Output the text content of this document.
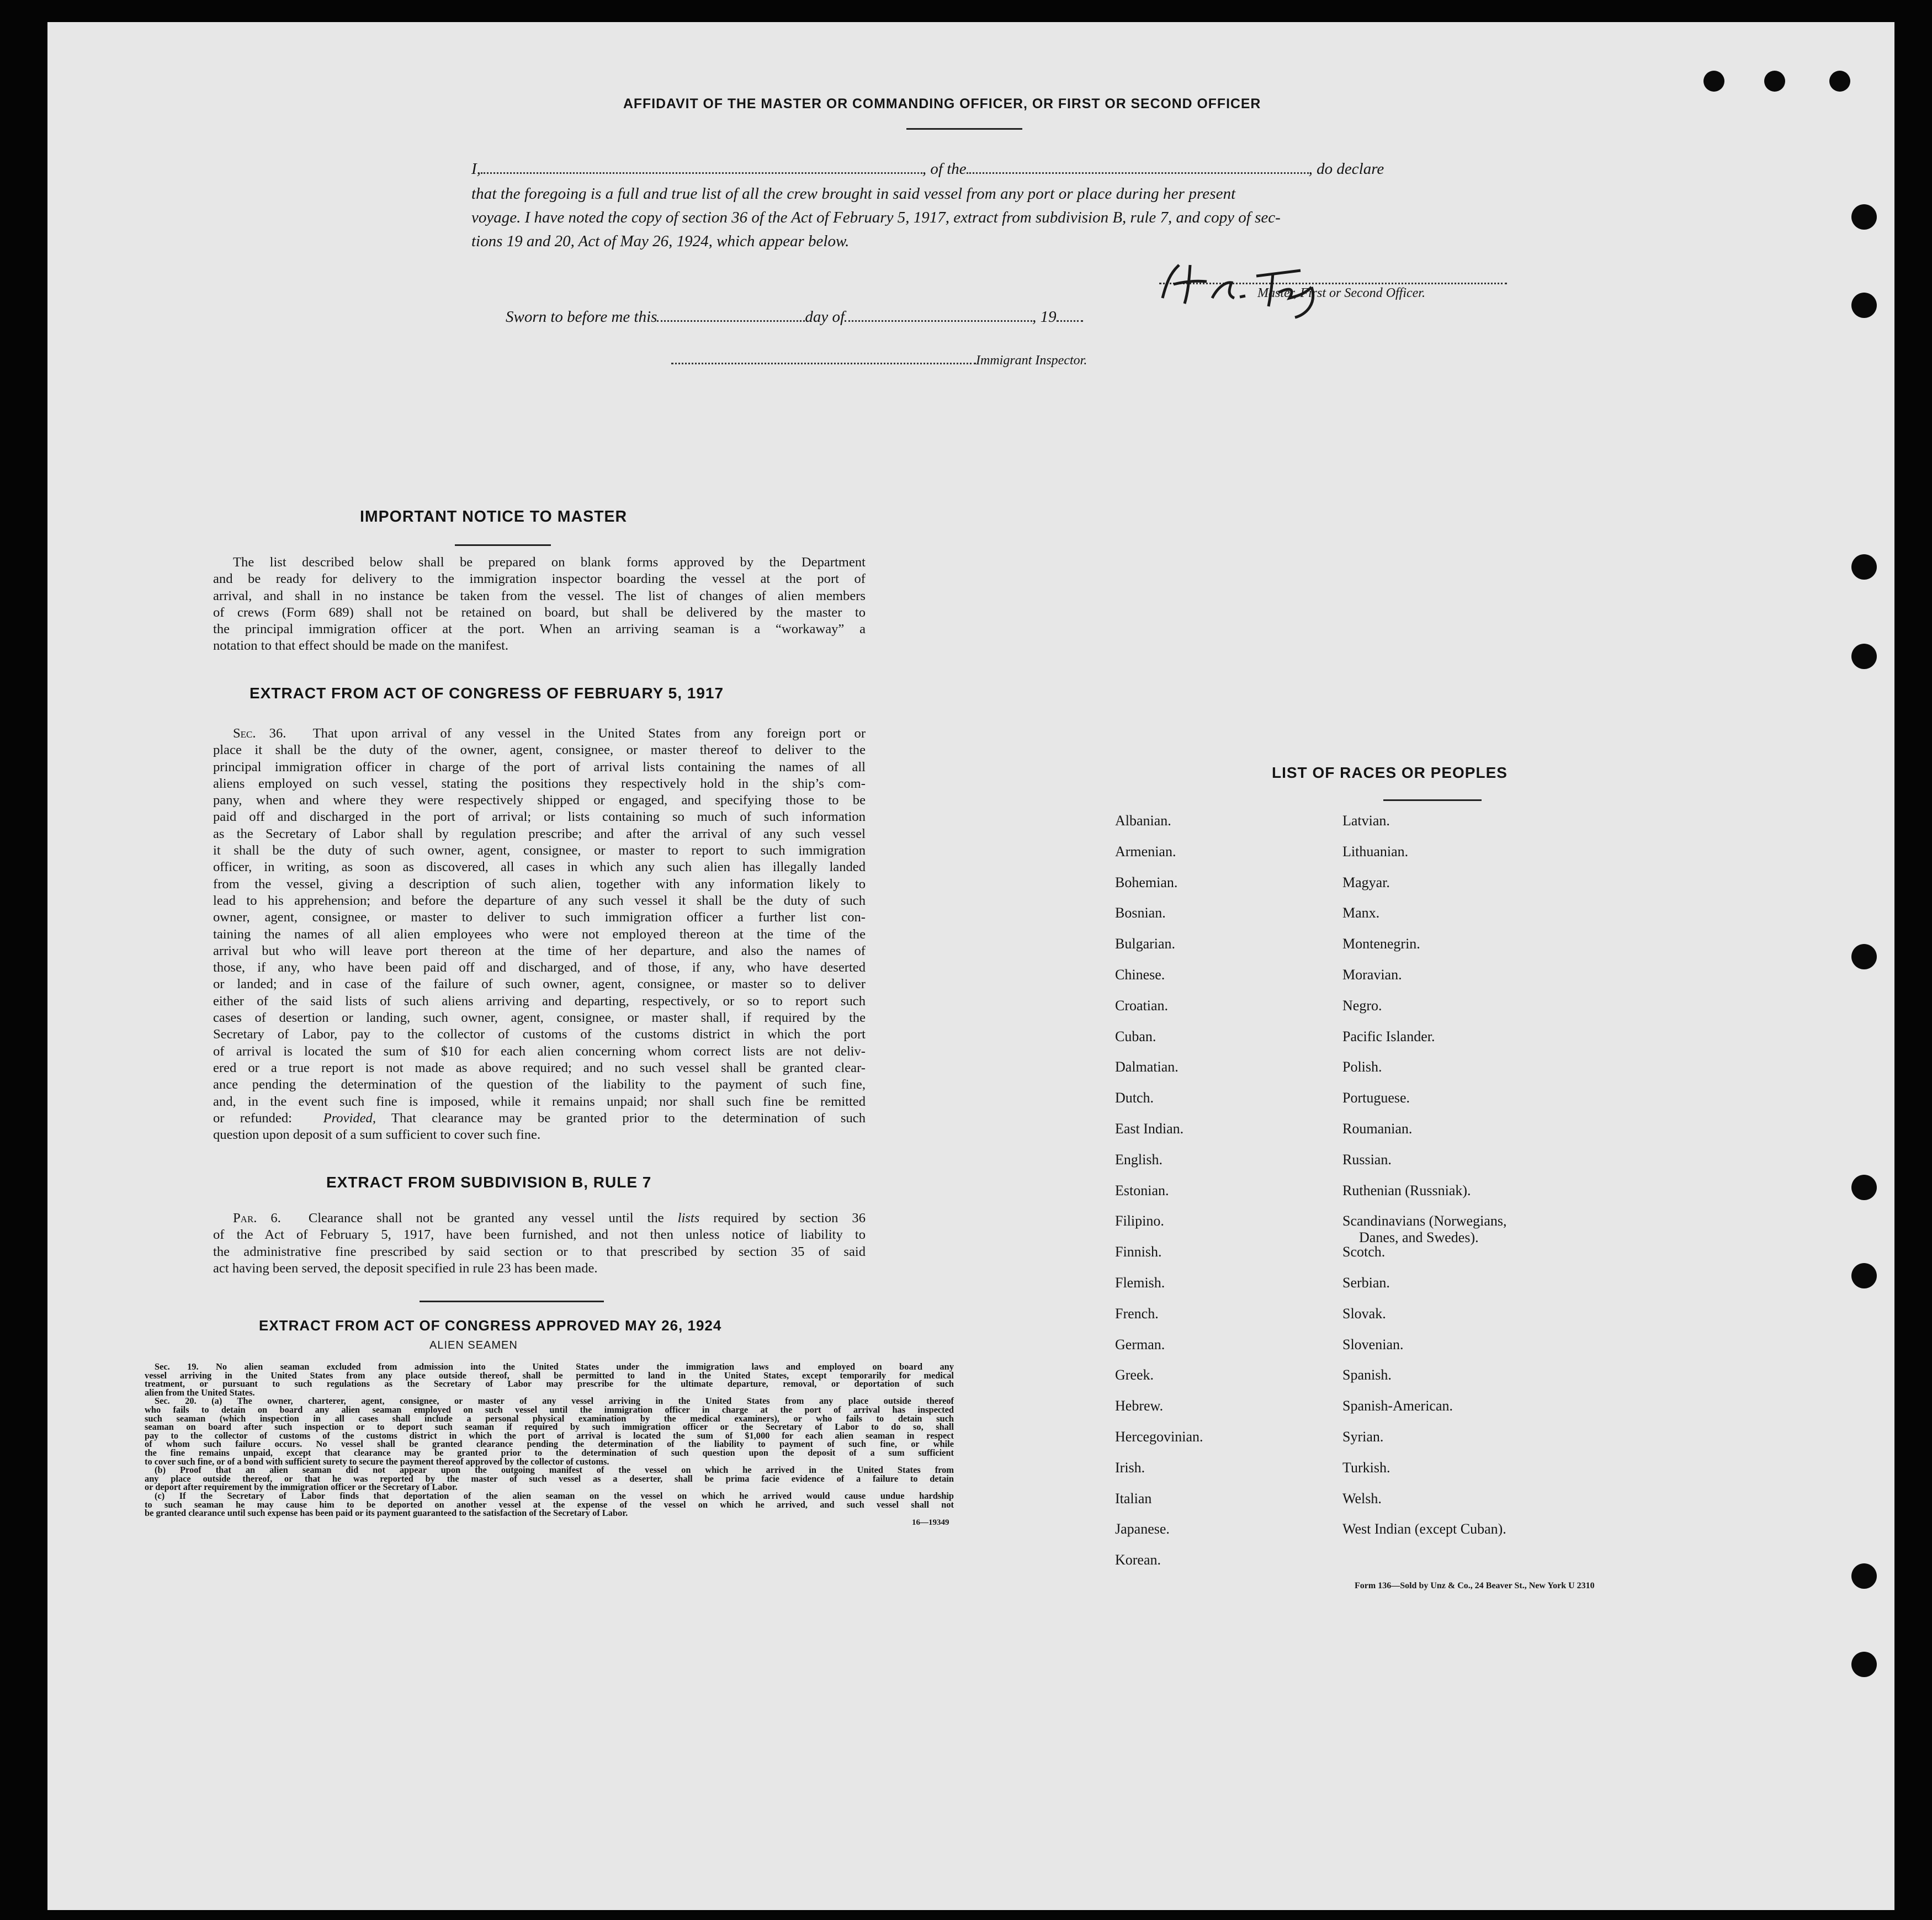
AFFIDAVIT OF THE MASTER OR COMMANDING OFFICER, OR FIRST OR SECOND OFFICER
I,	, of the	, do declare
that the foregoing is a full and true list of all the crew brought in said vessel from any port or place during her present
voyage. I have noted the copy of section 36 of the Act of February 5, 1917, extract from subdivision B, rule 7, and copy of sec-
tions 19 and 20, Act of May 26, 1924, which appear below.
Master, First or Second Officer.
Sworn to before me this	day of	, 19
Immigrant Inspector.
IMPORTANT NOTICE TO MASTER
The list described below shall be prepared on blank forms approved by the Department
and be ready for delivery to the immigration inspector boarding the vessel at the port of
arrival, and shall in no instance be taken from the vessel. The list of changes of alien members
of crews (Form 689) shall not be retained on board, but shall be delivered by the master to
the principal immigration officer at the port. When an arriving seaman is a “workaway” a
notation to that effect should be made on the manifest.
EXTRACT FROM ACT OF CONGRESS OF FEBRUARY 5, 1917
Sec. 36. That upon arrival of any vessel in the United States from any foreign port or
place it shall be the duty of the owner, agent, consignee, or master thereof to deliver to the
principal immigration officer in charge of the port of arrival lists containing the names of all
aliens employed on such vessel, stating the positions they respectively hold in the ship’s com-
pany, when and where they were respectively shipped or engaged, and specifying those to be
paid off and discharged in the port of arrival; or lists containing so much of such information
as the Secretary of Labor shall by regulation prescribe; and after the arrival of any such vessel
it shall be the duty of such owner, agent, consignee, or master to report to such immigration
officer, in writing, as soon as discovered, all cases in which any such alien has illegally landed
from the vessel, giving a description of such alien, together with any information likely to
lead to his apprehension; and before the departure of any such vessel it shall be the duty of such
owner, agent, consignee, or master to deliver to such immigration officer a further list con-
taining the names of all alien employees who were not employed thereon at the time of the
arrival but who will leave port thereon at the time of her departure, and also the names of
those, if any, who have been paid off and discharged, and of those, if any, who have deserted
or landed; and in case of the failure of such owner, agent, consignee, or master so to deliver
either of the said lists of such aliens arriving and departing, respectively, or so to report such
cases of desertion or landing, such owner, agent, consignee, or master shall, if required by the
Secretary of Labor, pay to the collector of customs of the customs district in which the port
of arrival is located the sum of $10 for each alien concerning whom correct lists are not deliv-
ered or a true report is not made as above required; and no such vessel shall be granted clear-
ance pending the determination of the question of the liability to the payment of such fine,
and, in the event such fine is imposed, while it remains unpaid; nor shall such fine be remitted
or refunded: Provided, That clearance may be granted prior to the determination of such
question upon deposit of a sum sufficient to cover such fine.
EXTRACT FROM SUBDIVISION B, RULE 7
Par. 6. Clearance shall not be granted any vessel until the lists required by section 36
of the Act of February 5, 1917, have been furnished, and not then unless notice of liability to
the administrative fine prescribed by said section or to that prescribed by section 35 of said
act having been served, the deposit specified in rule 23 has been made.
EXTRACT FROM ACT OF CONGRESS APPROVED MAY 26, 1924
ALIEN SEAMEN
Sec. 19. No alien seaman excluded from admission into the United States under the immigration laws and employed on board any
vessel arriving in the United States from any place outside thereof, shall be permitted to land in the United States, except temporarily for medical
treatment, or pursuant to such regulations as the Secretary of Labor may prescribe for the ultimate departure, removal, or deportation of such
alien from the United States.
Sec. 20. (a) The owner, charterer, agent, consignee, or master of any vessel arriving in the United States from any place outside thereof
who fails to detain on board any alien seaman employed on such vessel until the immigration officer in charge at the port of arrival has inspected
such seaman (which inspection in all cases shall include a personal physical examination by the medical examiners), or who fails to detain such
seaman on board after such inspection or to deport such seaman if required by such immigration officer or the Secretary of Labor to do so, shall
pay to the collector of customs of the customs district in which the port of arrival is located the sum of $1,000 for each alien seaman in respect
of whom such failure occurs. No vessel shall be granted clearance pending the determination of the liability to payment of such fine, or while
the fine remains unpaid, except that clearance may be granted prior to the determination of such question upon the deposit of a sum sufficient
to cover such fine, or of a bond with sufficient surety to secure the payment thereof approved by the collector of customs.
(b) Proof that an alien seaman did not appear upon the outgoing manifest of the vessel on which he arrived in the United States from
any place outside thereof, or that he was reported by the master of such vessel as a deserter, shall be prima facie evidence of a failure to detain
or deport after requirement by the immigration officer or the Secretary of Labor.
(c) If the Secretary of Labor finds that deportation of the alien seaman on the vessel on which he arrived would cause undue hardship
to such seaman he may cause him to be deported on another vessel at the expense of the vessel on which he arrived, and such vessel shall not
be granted clearance until such expense has been paid or its payment guaranteed to the satisfaction of the Secretary of Labor.
16—19349
LIST OF RACES OR PEOPLES
Form 136—Sold by Unz & Co., 24 Beaver St., New York U 2310
Albanian.
Armenian.
Bohemian.
Bosnian.
Bulgarian.
Chinese.
Croatian.
Cuban.
Dalmatian.
Dutch.
East Indian.
English.
Estonian.
Filipino.
Finnish.
Flemish.
French.
German.
Greek.
Hebrew.
Hercegovinian.
Irish.
Italian
Japanese.
Korean.
Latvian.
Lithuanian.
Magyar.
Manx.
Montenegrin.
Moravian.
Negro.
Pacific Islander.
Polish.
Portuguese.
Roumanian.
Russian.
Ruthenian (Russniak).
Scandinavians (Norwegians,
Danes, and Swedes).
Scotch.
Serbian.
Slovak.
Slovenian.
Spanish.
Spanish-American.
Syrian.
Turkish.
Welsh.
West Indian (except Cuban).
